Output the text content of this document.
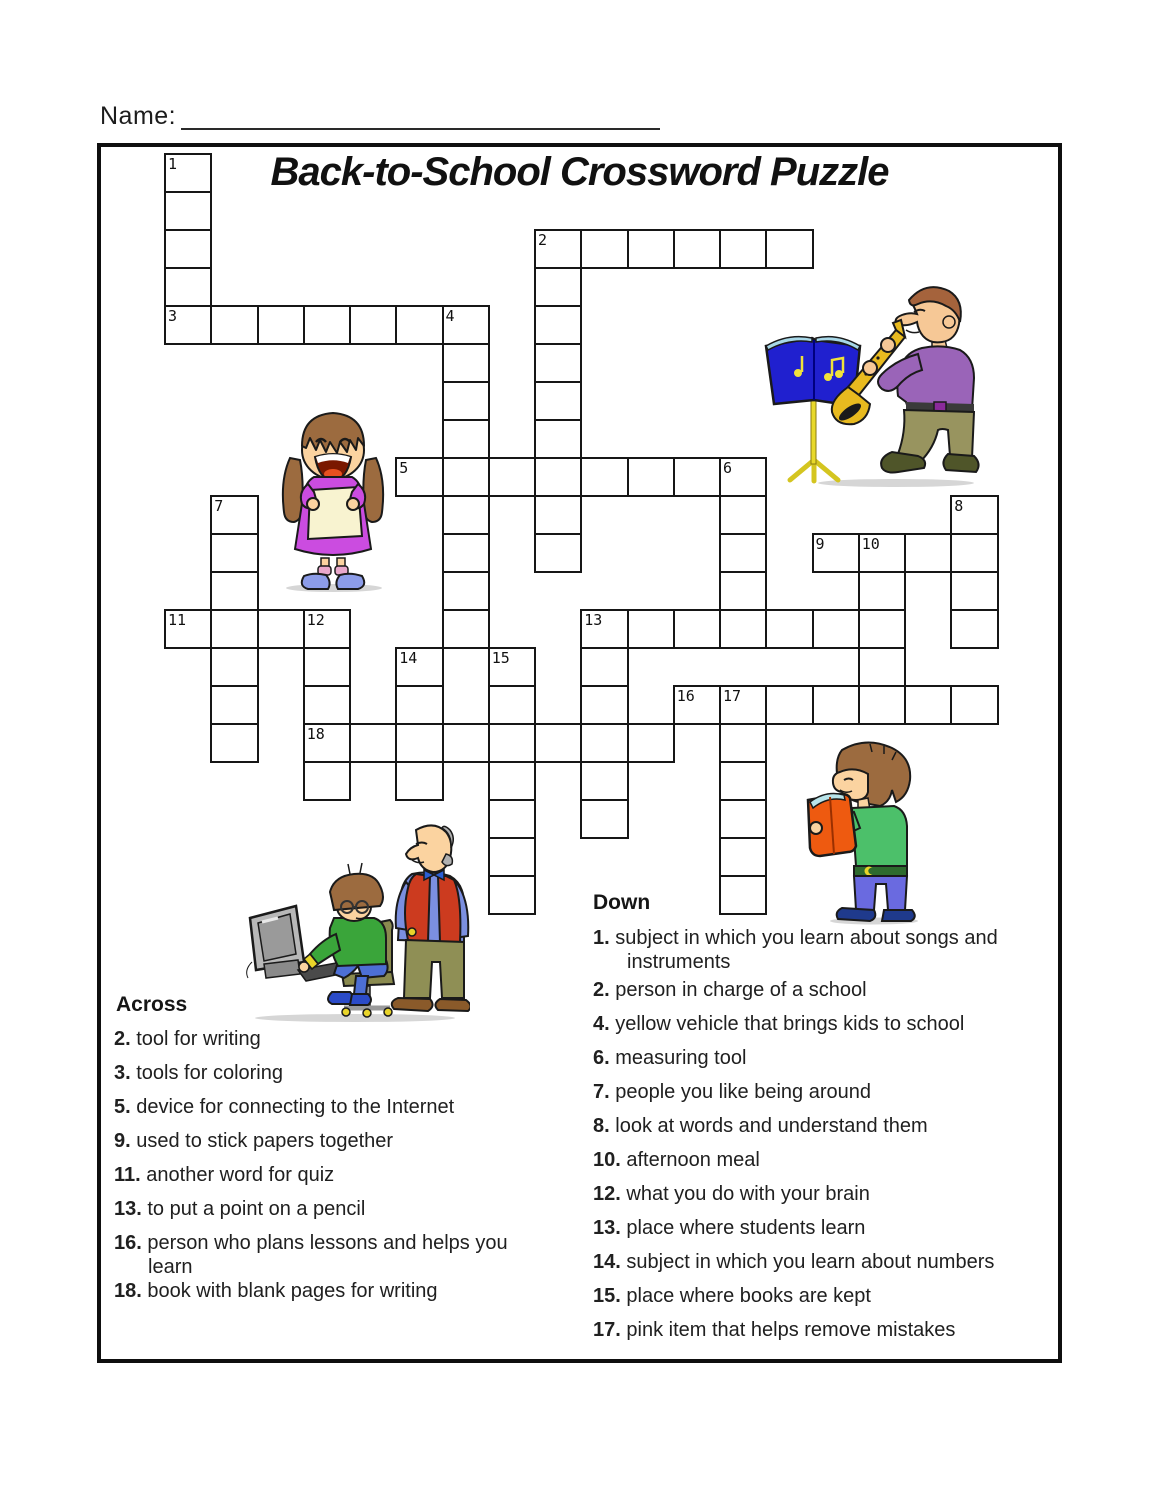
Name:
Back-to-School Crossword Puzzle
1
3
2
4
5	6
7	8
9 10
11	12
18
13
14	15
16 17
Across
2. tool for writing
3. tools for coloring
5. device for connecting to the Internet
9. used to stick papers together
11. another word for quiz
13. to put a point on a pencil
16. person who plans lessons and helps you learn
18. book with blank pages for writing
Down
1. subject in which you learn about songs and instruments
2. person in charge of a school
4. yellow vehicle that brings kids to school
6. measuring tool
7. people you like being around
8. look at words and understand them
10. afternoon meal
12. what you do with your brain
13. place where students learn
14. subject in which you learn about numbers
15. place where books are kept
17. pink item that helps remove mistakes
